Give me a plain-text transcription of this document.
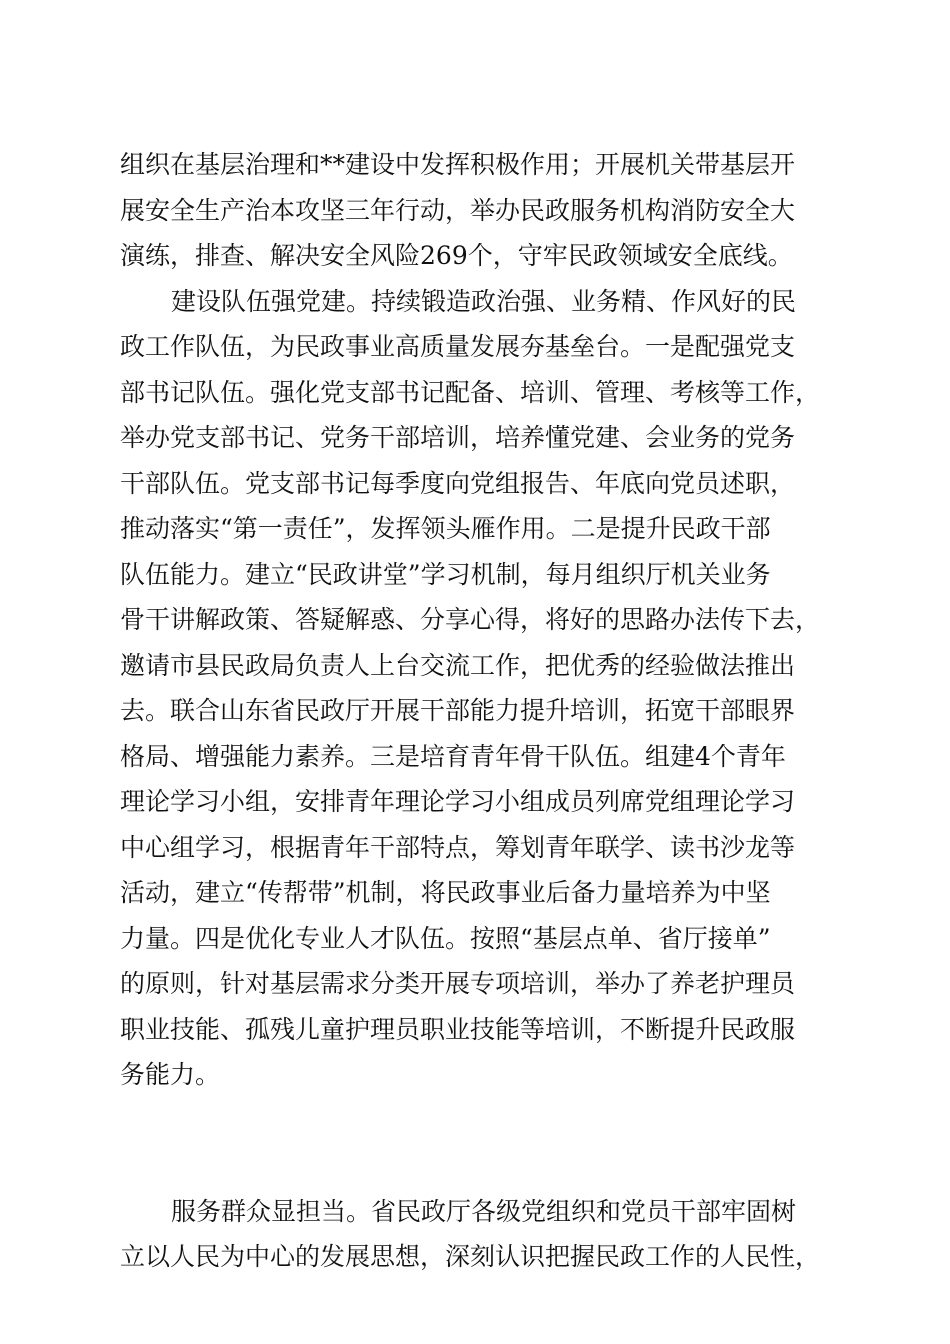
组织在基层治理和**建设中发挥积极作用；开展机关带基层开
展安全生产治本攻坚三年行动，举办民政服务机构消防安全大
演练，排查、解决安全风险269个，守牢民政领域安全底线。
建设队伍强党建。持续锻造政治强、业务精、作风好的民
政工作队伍，为民政事业高质量发展夯基垒台。一是配强党支
部书记队伍。强化党支部书记配备、培训、管理、考核等工作，
举办党支部书记、党务干部培训，培养懂党建、会业务的党务
干部队伍。党支部书记每季度向党组报告、年底向党员述职，
推动落实“第一责任”，发挥领头雁作用。二是提升民政干部
队伍能力。建立“民政讲堂”学习机制，每月组织厅机关业务
骨干讲解政策、答疑解惑、分享心得，将好的思路办法传下去，
邀请市县民政局负责人上台交流工作，把优秀的经验做法推出
去。联合山东省民政厅开展干部能力提升培训，拓宽干部眼界
格局、增强能力素养。三是培育青年骨干队伍。组建4个青年
理论学习小组，安排青年理论学习小组成员列席党组理论学习
中心组学习，根据青年干部特点，筹划青年联学、读书沙龙等
活动，建立“传帮带”机制，将民政事业后备力量培养为中坚
力量。四是优化专业人才队伍。按照“基层点单、省厅接单”
的原则，针对基层需求分类开展专项培训，举办了养老护理员
职业技能、孤残儿童护理员职业技能等培训，不断提升民政服
务能力。
服务群众显担当。省民政厅各级党组织和党员干部牢固树
立以人民为中心的发展思想，深刻认识把握民政工作的人民性，
